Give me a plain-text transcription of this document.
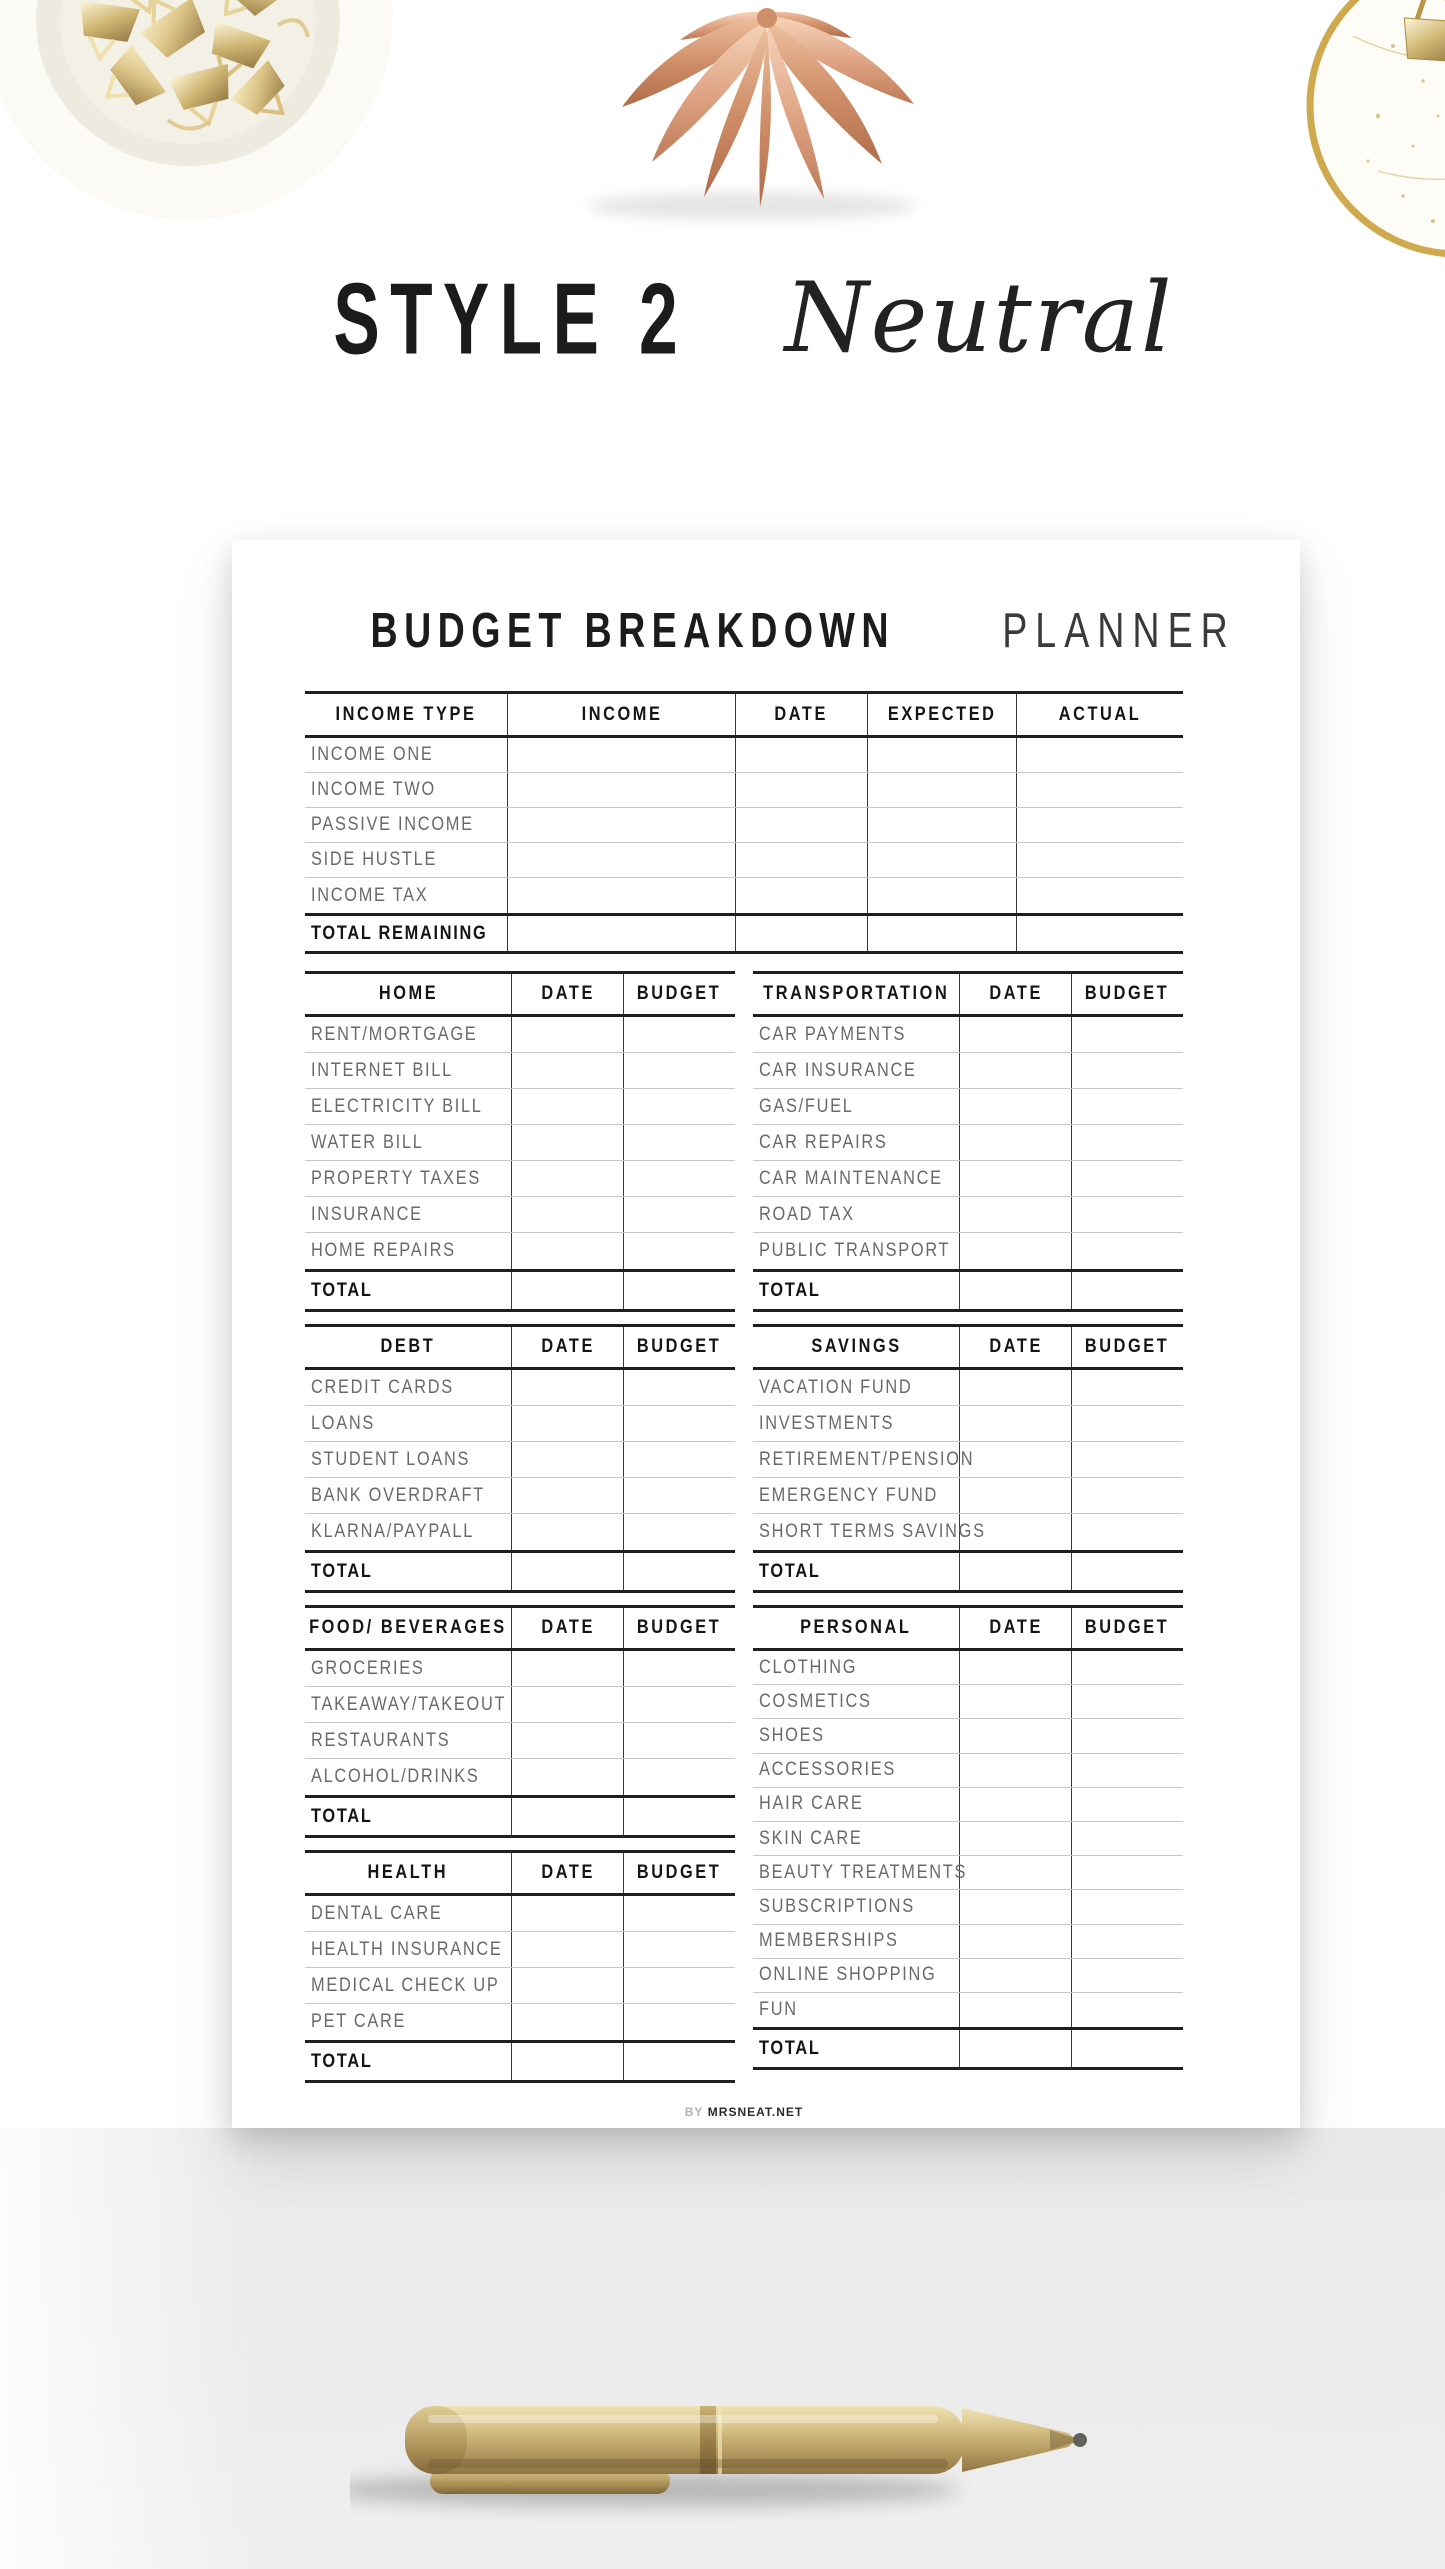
STYLE 2 Neutral
BUDGET BREAKDOWN PLANNER
INCOME TYPE	INCOME	DATE	EXPECTED	ACTUAL
INCOME ONE
INCOME TWO
PASSIVE INCOME
SIDE HUSTLE
INCOME TAX
TOTAL REMAINING
HOME	DATE BUDGET
RENT/MORTGAGE
INTERNET BILL
ELECTRICITY BILL
WATER BILL
PROPERTY TAXES
INSURANCE
HOME REPAIRS
TOTAL
DEBT	DATE BUDGET
CREDIT CARDS
LOANS
STUDENT LOANS
BANK OVERDRAFT
KLARNA/PAYPALL
TOTAL
FOOD/ BEVERAGES DATE BUDGET
GROCERIES
TAKEAWAY/TAKEOUT
RESTAURANTS
ALCOHOL/DRINKS
TOTAL
HEALTH	DATE BUDGET
DENTAL CARE
HEALTH INSURANCE
MEDICAL CHECK UP
PET CARE
TOTAL
TRANSPORTATION DATE BUDGET
CAR PAYMENTS
CAR INSURANCE
GAS/FUEL
CAR REPAIRS
CAR MAINTENANCE
ROAD TAX
PUBLIC TRANSPORT
TOTAL
SAVINGS	DATE BUDGET
VACATION FUND
INVESTMENTS
RETIREMENT/PENSION
EMERGENCY FUND
SHORT TERMS SAVINGS
TOTAL
PERSONAL	DATE BUDGET
CLOTHING
COSMETICS
SHOES
ACCESSORIES
HAIR CARE
SKIN CARE
BEAUTY TREATMENTS
SUBSCRIPTIONS
MEMBERSHIPS
ONLINE SHOPPING
FUN
TOTAL
BY MRSNEAT.NET
